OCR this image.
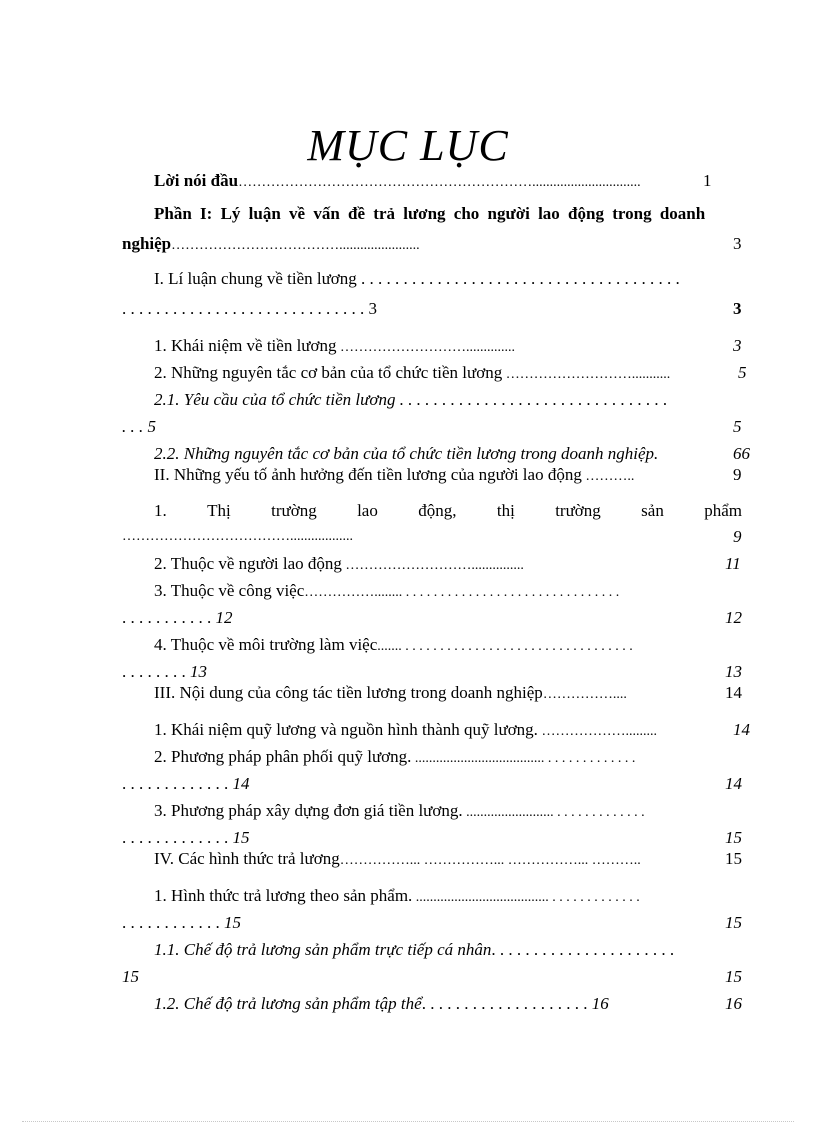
MỤC LỤC
Lời nói đầu………………………………………………………...............................	1
Phần I: Lý luận về vấn đề trả lương cho người lao động trong doanh
nghiệp……………………………….......................	3
I. Lí luận chung về tiền lương . . . . . . . . . . . . . . . . . . . . . . . . . . . . . . . . . . . . . .
. . . . . . . . . . . . . . . . . . . . . . . . . . . . . 3	3
1. Khái niệm về tiền lương ………………………..............	3
2. Những nguyên tắc cơ bản của tổ chức tiền lương ………………………...........	5
2.1. Yêu cầu của tổ chức tiền lương . . . . . . . . . . . . . . . . . . . . . . . . . . . . . . . .
. . . 5	5
2.2. Những nguyên tắc cơ bản của tổ chức tiền lương trong doanh nghiệp.	66
II. Những yếu tố ảnh hưởng đến tiền lương của người lao động ………..	9
1. Thị trường lao động, thị trường sản phẩm
………………………………..................	9
2. Thuộc về người lao động ………………………...............	11
3. Thuộc về công việc……………........ . . . . . . . . . . . . . . . . . . . . . . . . . . . . . . .
. . . . . . . . . . . 12	12
4. Thuộc về môi trường làm việc....... . . . . . . . . . . . . . . . . . . . . . . . . . . . . . . . . .
. . . . . . . . 13	13
III. Nội dung của công tác tiền lương trong doanh nghiệp……………....	14
1. Khái niệm quỹ lương và nguồn hình thành quỹ lương. ……………….........	14
2. Phương pháp phân phối quỹ lương. ..................................... . . . . . . . . . . . . .
. . . . . . . . . . . . . 14	14
3. Phương pháp xây dựng đơn giá tiền lương. ......................... . . . . . . . . . . . . .
. . . . . . . . . . . . . 15	15
IV. Các hình thức trả lương……………... ……………... ……………... ………..	15
1. Hình thức trả lương theo sản phẩm. ...................................... . . . . . . . . . . . . .
. . . . . . . . . . . . 15	15
1.1. Chế độ trả lương sản phẩm trực tiếp cá nhân. . . . . . . . . . . . . . . . . . . . . .
15	15
1.2. Chế độ trả lương sản phẩm tập thể. . . . . . . . . . . . . . . . . . . . 16	16
